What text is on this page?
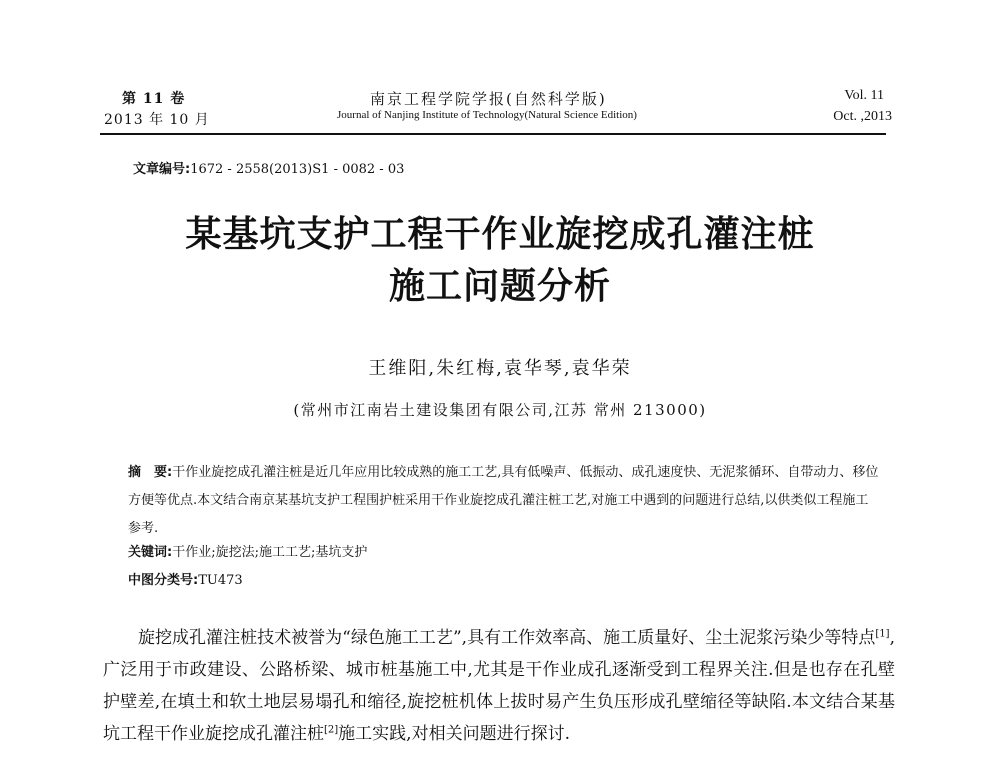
第 11 卷
2013 年 10 月
南京工程学院学报(自然科学版)
Journal of Nanjing Institute of Technology(Natural Science Edition)
Vol. 11
Oct. ,2013
文章编号:1672 - 2558(2013)S1 - 0082 - 03
某基坑支护工程干作业旋挖成孔灌注桩
施工问题分析
王维阳,朱红梅,袁华琴,袁华荣
(常州市江南岩土建设集团有限公司,江苏 常州 213000)
摘　要:干作业旋挖成孔灌注桩是近几年应用比较成熟的施工工艺,具有低噪声、低振动、成孔速度快、无泥浆循环、自带动力、移位方便等优点.本文结合南京某基坑支护工程围护桩采用干作业旋挖成孔灌注桩工艺,对施工中遇到的问题进行总结,以供类似工程施工参考.
关键词:干作业;旋挖法;施工工艺;基坑支护
中图分类号:TU473
旋挖成孔灌注桩技术被誉为“绿色施工工艺”,具有工作效率高、施工质量好、尘土泥浆污染少等特点[1],广泛用于市政建设、公路桥梁、城市桩基施工中,尤其是干作业成孔逐渐受到工程界关注.但是也存在孔壁护壁差,在填土和软土地层易塌孔和缩径,旋挖桩机体上拔时易产生负压形成孔壁缩径等缺陷.本文结合某基坑工程干作业旋挖成孔灌注桩[2]施工实践,对相关问题进行探讨.
